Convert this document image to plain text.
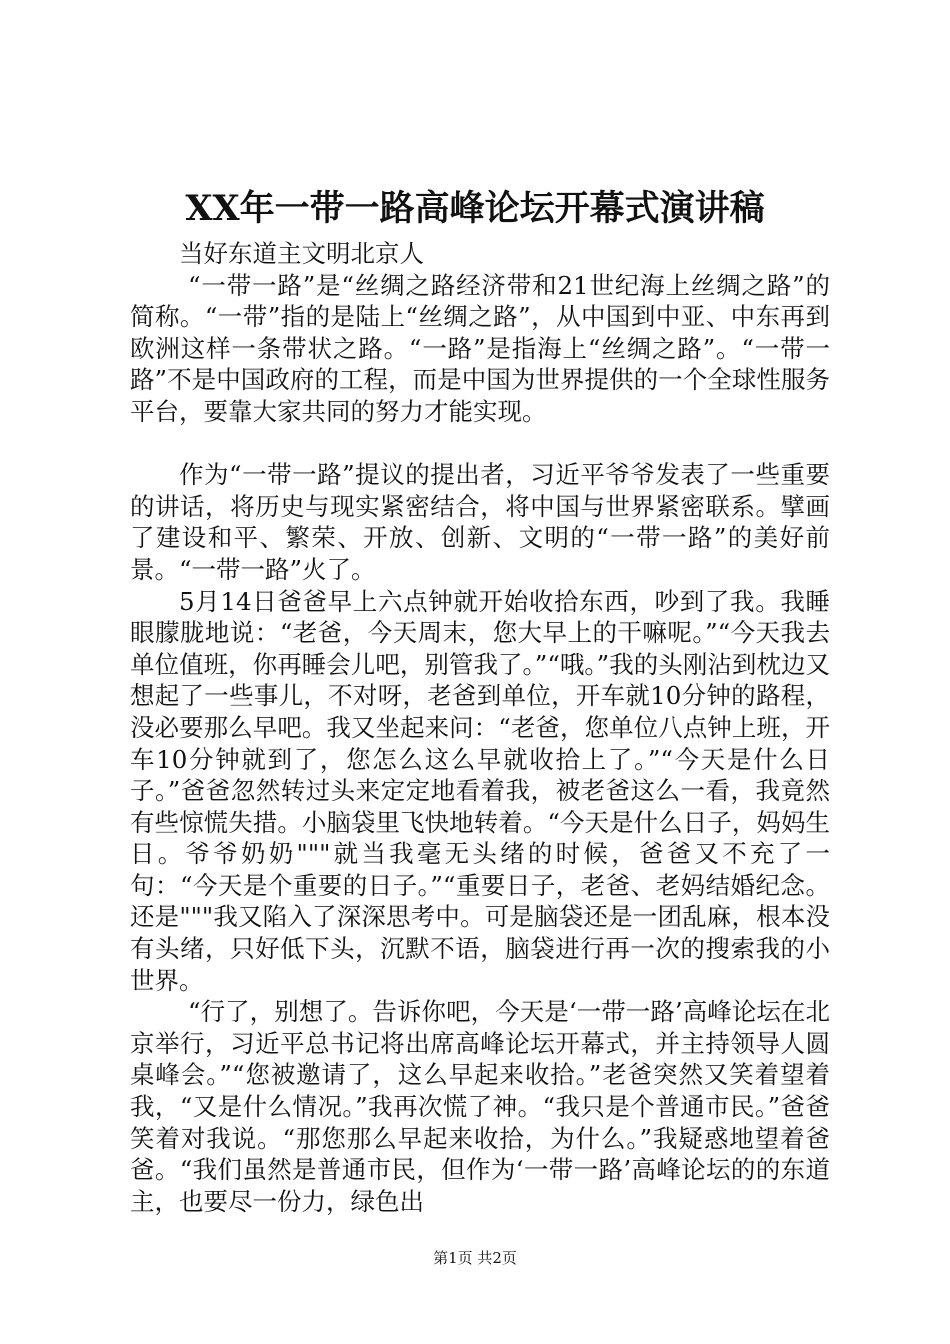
XX年一带一路高峰论坛开幕式演讲稿

当好东道主文明北京人

“一带一路”是“丝绸之路经济带和21世纪海上丝绸之路”的简称。“一带”指的是陆上“丝绸之路”，从中国到中亚、中东再到欧洲这样一条带状之路。“一路”是指海上“丝绸之路”。“一带一路”不是中国政府的工程，而是中国为世界提供的一个全球性服务平台，要靠大家共同的努力才能实现。

作为“一带一路”提议的提出者，习近平爷爷发表了一些重要的讲话，将历史与现实紧密结合，将中国与世界紧密联系。擘画了建设和平、繁荣、开放、创新、文明的“一带一路”的美好前景。“一带一路”火了。

5月14日爸爸早上六点钟就开始收拾东西，吵到了我。我睡眼朦胧地说：“老爸，今天周末，您大早上的干嘛呢。”“今天我去单位值班，你再睡会儿吧，别管我了。”“哦。”我的头刚沾到枕边又想起了一些事儿，不对呀，老爸到单位，开车就10分钟的路程，没必要那么早吧。我又坐起来问：“老爸，您单位八点钟上班，开车10分钟就到了，您怎么这么早就收拾上了。”“今天是什么日子。”爸爸忽然转过头来定定地看着我，被老爸这么一看，我竟然有些惊慌失措。小脑袋里飞快地转着。“今天是什么日子，妈妈生日。爷爷奶奶"""就当我毫无头绪的时候，爸爸又不充了一句：“今天是个重要的日子。”“重要日子，老爸、老妈结婚纪念。还是"""我又陷入了深深思考中。可是脑袋还是一团乱麻，根本没有头绪，只好低下头，沉默不语，脑袋进行再一次的搜索我的小世界。

“行了，别想了。告诉你吧，今天是‘一带一路’高峰论坛在北京举行，习近平总书记将出席高峰论坛开幕式，并主持领导人圆桌峰会。”“您被邀请了，这么早起来收拾。”老爸突然又笑着望着我，“又是什么情况。”我再次慌了神。“我只是个普通市民。”爸爸笑着对我说。“那您那么早起来收拾，为什么。”我疑惑地望着爸爸。“我们虽然是普通市民，但作为‘一带一路’高峰论坛的的东道主，也要尽一份力，绿色出

第1页 共2页
